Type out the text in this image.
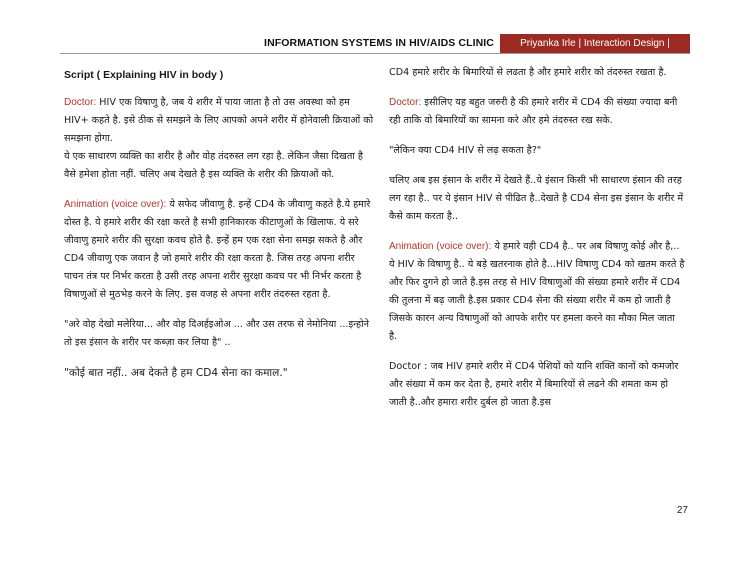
INFORMATION SYSTEMS IN HIV/AIDS CLINIC	Priyanka Irle | Interaction Design | 08633803
Script ( Explaining HIV in body )

Doctor: HIV एक विषाणु है, जब ये शरीर में पाया जाता है तो उस अवस्था को हम HIV+ कहते है. इसे ठीक से समझने के लिए आपको अपने शरीर में होनेवाली क्रियाओं को समझना होगा.
ये एक साधारण व्यक्ति का शरीर है और वोह तंदरुस्त लग रहा है. लेकिन जैसा दिखता है वैसे हमेशा होता नहीं. चलिए अब देखते है इस व्यक्ति के शरीर की क्रियाओं को.

Animation (voice over): ये सफेद जीवाणु है. इन्हें CD4 के जीवाणु कहते है.ये हमारे दोस्त है. ये हमारे शरीर की रक्षा करते है सभी हानिकारक कीटाणुओं के खिलाफ. ये सरे जीवाणु हमारे शरीर की सुरक्षा कवच होते है. इन्हें हम एक रक्षा सेना समझ सकते है और CD4 जीवाणु एक जवान है जो हमारे शरीर की रक्षा करता है. जिस तरह अपना शरीर पाचन तंत्र पर निर्भर करता है उसी तरह अपना शरीर सुरक्षा कवच पर भी निर्भर करता है विषाणुओं से मुठभेड़ करने के लिए. इस वजह से अपना शरीर तंदरुस्त रहता है.

"अरे वोह देखो मलेरिया... और वोह दिअर्हइओअ ... और उस तरफ से नेमोनिया ...इन्होने तो इस इंसान के शरीर पर कब्ज़ा कर लिया है" ..

"कोई बात नहीं.. अब देकते है हम CD4 सेना का कमाल."

CD4 हमारे शरीर के बिमारियों से लढता है और हमारे शरीर को तंदरुस्त रखता है.

Doctor: इसीलिए यह बहुत जरुरी है की हमारे शरीर में CD4 की संख्या ज्यादा बनी रही ताकि वो बिमारियों का सामना करे और हमे तंदरुस्त रख सके.

"लेकिन क्या CD4 HIV से लढ़ सकता है?"

चलिए अब इस इंसान के शरीर में देखते हैं..ये इंसान किसी भी साधारण इंसान की तरह लग रहा है.. पर ये इंसान HIV से पीढित है..देखते है CD4 सेना इस इंसान के शरीर में कैसे काम करता है..

Animation (voice over): ये हमारे वही CD4 है.. पर अब विषाणु कोई और है,.. ये HIV के विषाणु है.. ये बड़े खतरनाक होते है...HIV विषाणु CD4 को खतम करते है और फिर दुगने हो जाते है.इस तरह से HIV विषाणुओं की संख्या हमारे शरीर में CD4 की तुलना में बढ़ जाती है.इस प्रकार CD4 सेना की संख्या शरीर में कम हो जाती है जिसके कारन अन्य विषाणुओं को आपके शरीर पर हमला करने का मौका मिल जाता है.

Doctor : जब HIV हमारे शरीर में CD4 पेशियों को यानि शक्ति कानों को कमजोर और संख्या में कम कर देता है, हमारे शरीर में बिमारियों से लढने की शमता कम हो जाती है..और हमारा शरीर दुर्बल हो जाता है.इस

27
